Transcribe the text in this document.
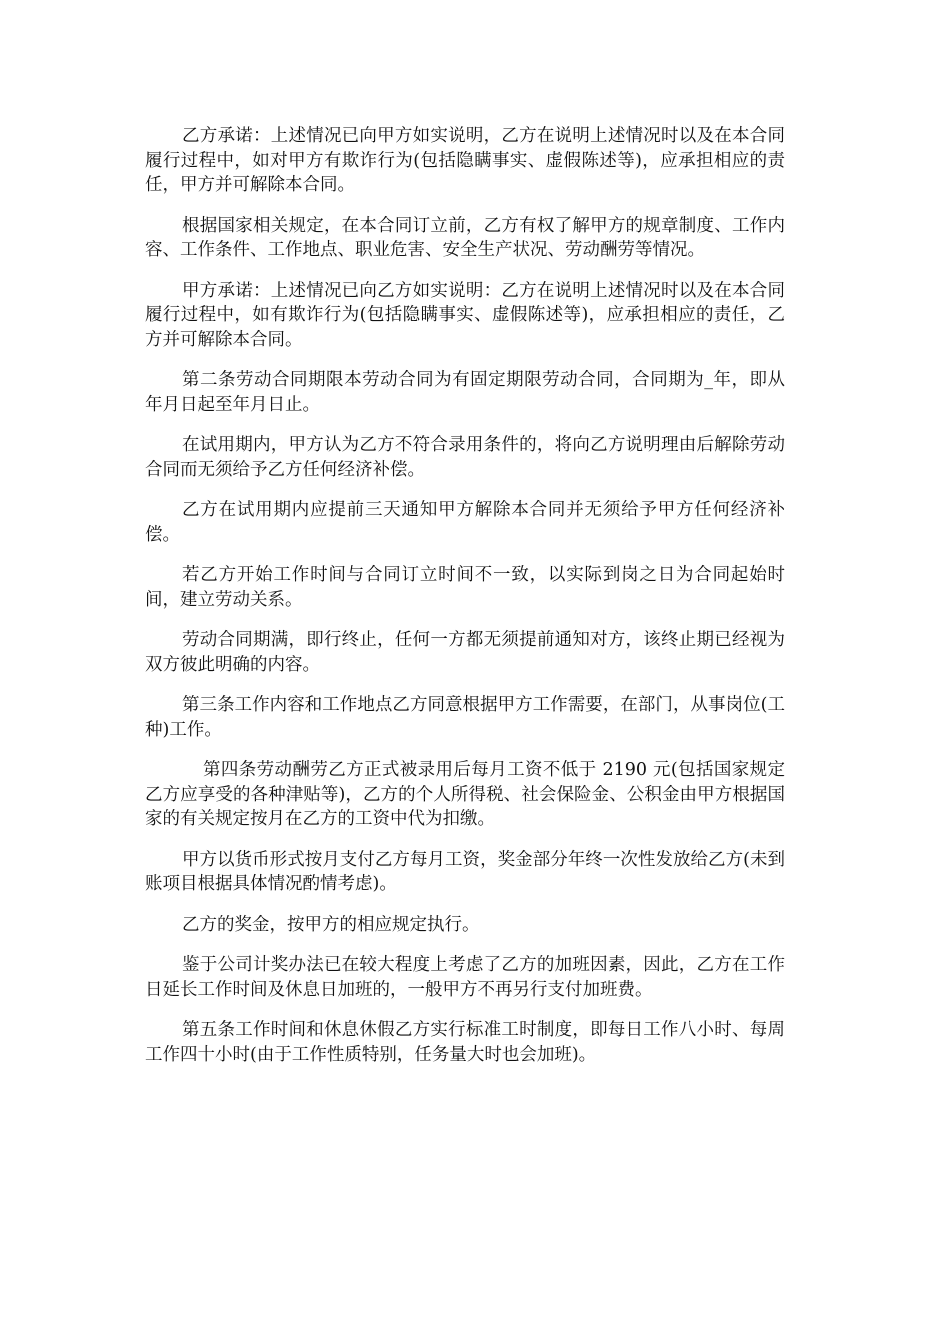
乙方承诺：上述情况已向甲方如实说明，乙方在说明上述情况时以及在本合同履行过程中，如对甲方有欺诈行为(包括隐瞒事实、虚假陈述等)，应承担相应的责任，甲方并可解除本合同。

根据国家相关规定，在本合同订立前，乙方有权了解甲方的规章制度、工作内容、工作条件、工作地点、职业危害、安全生产状况、劳动酬劳等情况。

甲方承诺：上述情况已向乙方如实说明：乙方在说明上述情况时以及在本合同履行过程中，如有欺诈行为(包括隐瞒事实、虚假陈述等)，应承担相应的责任，乙方并可解除本合同。

第二条劳动合同期限本劳动合同为有固定期限劳动合同，合同期为_年，即从年月日起至年月日止。

在试用期内，甲方认为乙方不符合录用条件的，将向乙方说明理由后解除劳动合同而无须给予乙方任何经济补偿。

乙方在试用期内应提前三天通知甲方解除本合同并无须给予甲方任何经济补偿。

若乙方开始工作时间与合同订立时间不一致，以实际到岗之日为合同起始时间，建立劳动关系。

劳动合同期满，即行终止，任何一方都无须提前通知对方，该终止期已经视为双方彼此明确的内容。

第三条工作内容和工作地点乙方同意根据甲方工作需要，在部门，从事岗位(工种)工作。

第四条劳动酬劳乙方正式被录用后每月工资不低于 2190 元(包括国家规定乙方应享受的各种津贴等)，乙方的个人所得税、社会保险金、公积金由甲方根据国家的有关规定按月在乙方的工资中代为扣缴。

甲方以货币形式按月支付乙方每月工资，奖金部分年终一次性发放给乙方(未到账项目根据具体情况酌情考虑)。

乙方的奖金，按甲方的相应规定执行。

鉴于公司计奖办法已在较大程度上考虑了乙方的加班因素，因此，乙方在工作日延长工作时间及休息日加班的，一般甲方不再另行支付加班费。

第五条工作时间和休息休假乙方实行标准工时制度，即每日工作八小时、每周工作四十小时(由于工作性质特别，任务量大时也会加班)。
